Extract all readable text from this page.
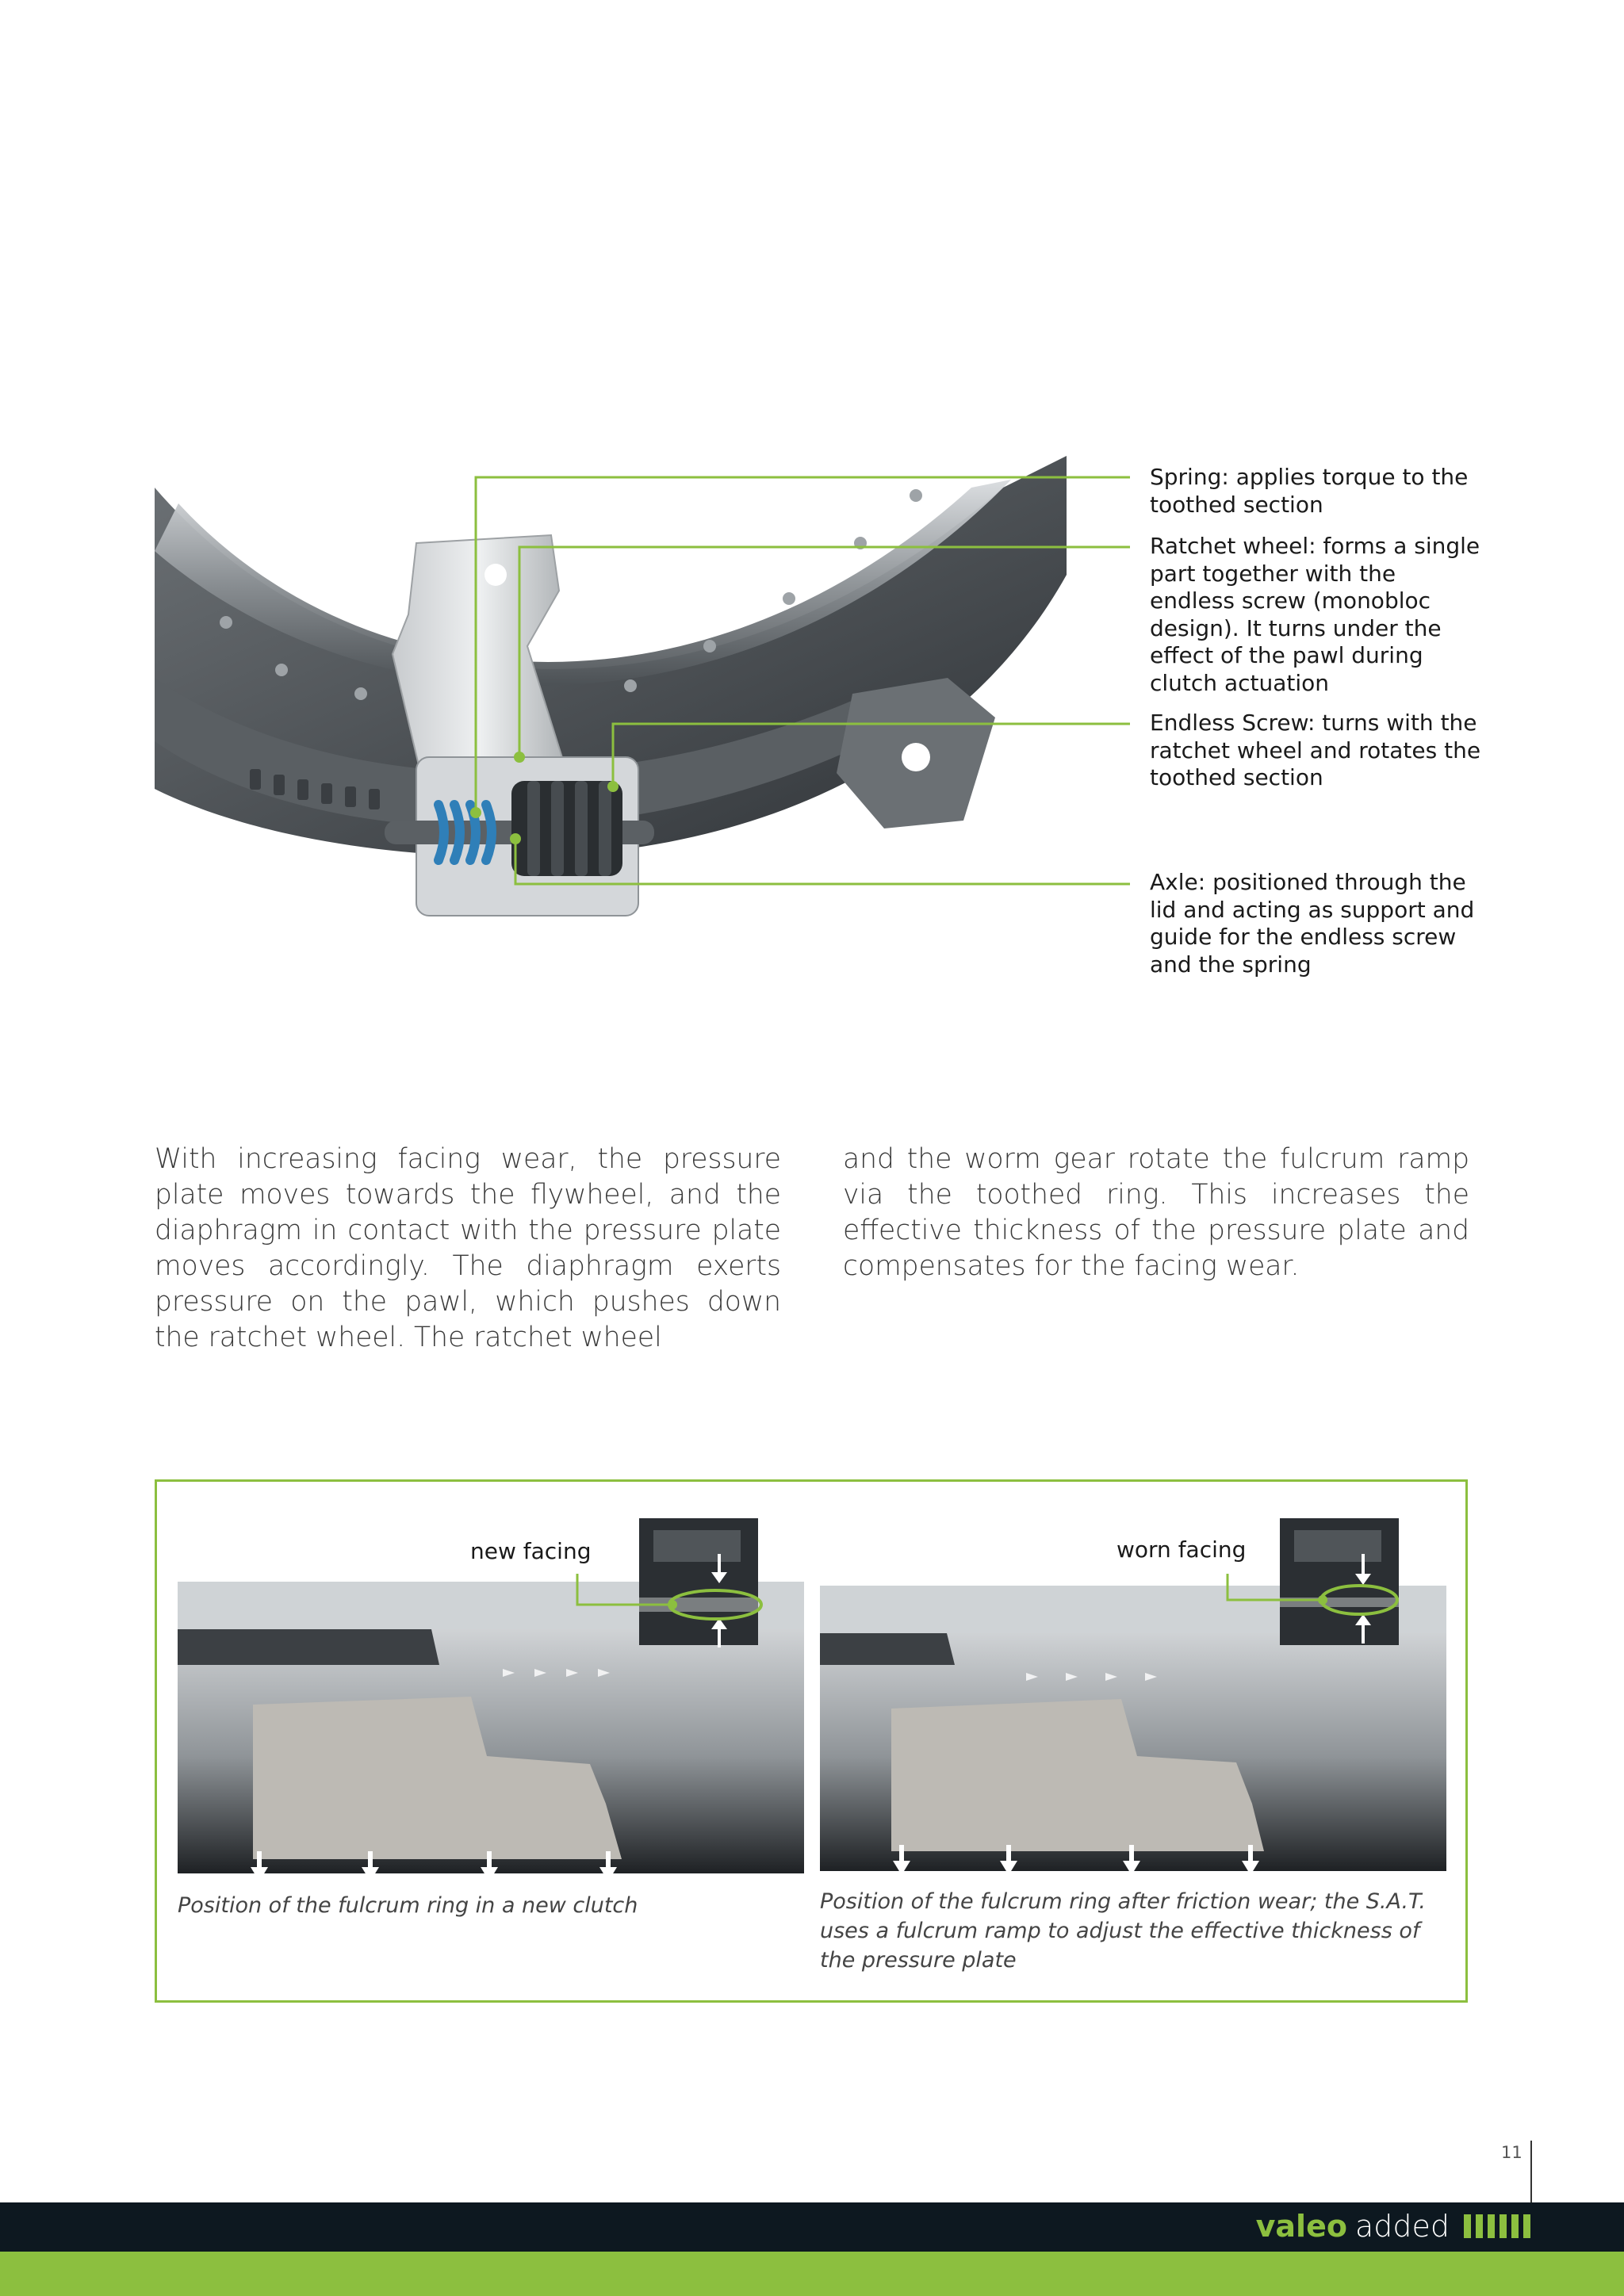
Spring: applies torque to the toothed section
Ratchet wheel: forms a single part together with the endless screw (monobloc design). It turns under the effect of the pawl during clutch actuation
Endless Screw: turns with the ratchet wheel and rotates the toothed section
Axle: positioned through the lid and acting as support and guide for the endless screw and the spring
With increasing facing wear, the pressure plate moves towards the flywheel, and the diaphragm in contact with the pressure plate moves accordingly. The diaphragm exerts pressure on the pawl, which pushes down the ratchet wheel. The ratchet wheel
and the worm gear rotate the fulcrum ramp via the toothed ring. This increases the effective thickness of the pressure plate and compensates for the facing wear.
new facing
Position of the fulcrum ring in a new clutch
worn facing
Position of the fulcrum ring after friction wear; the S.A.T. uses a fulcrum ramp to adjust the effective thickness of the pressure plate
11
valeo added
